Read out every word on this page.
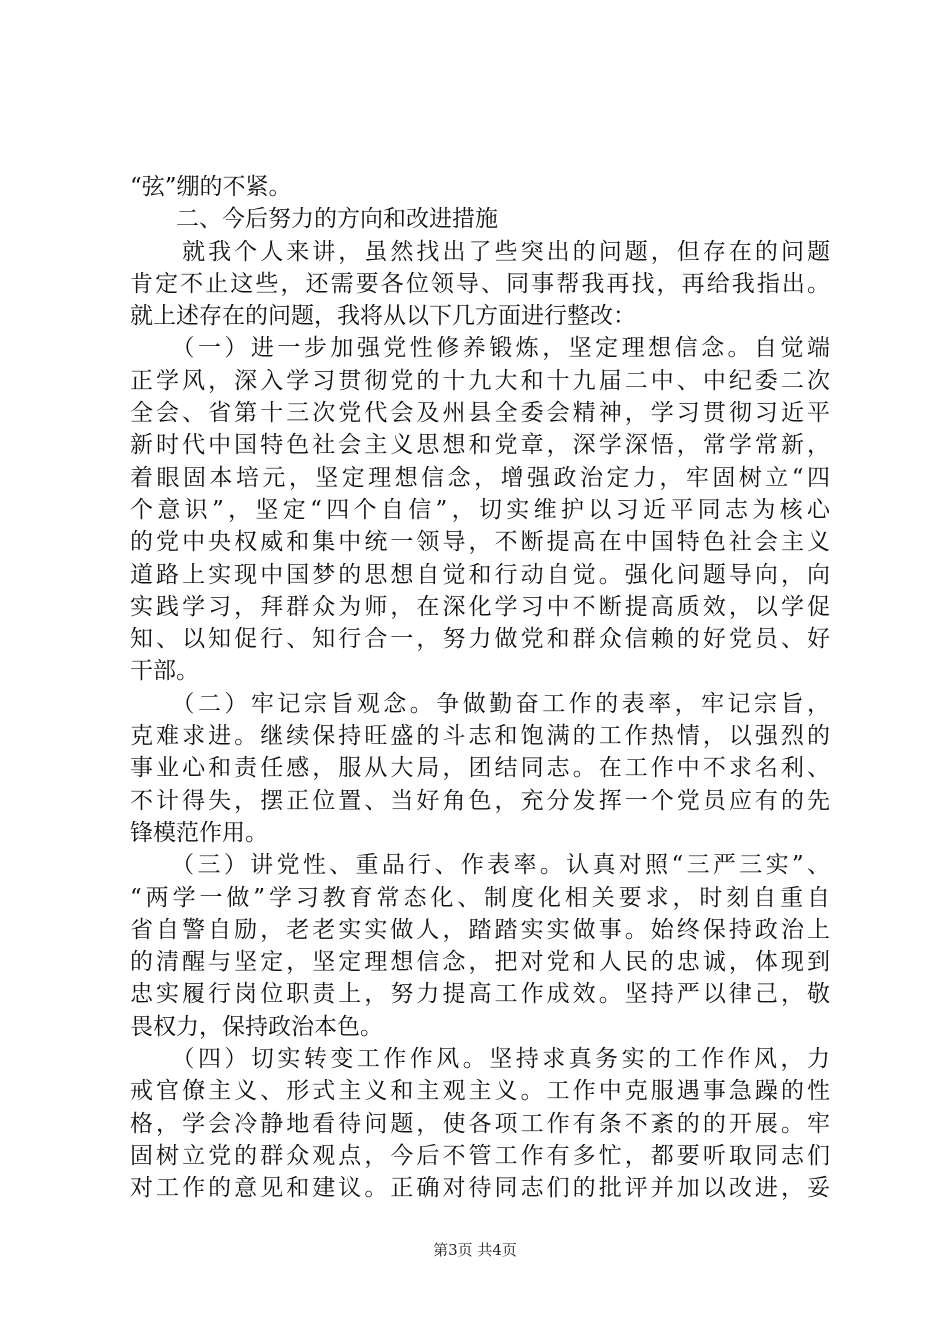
“弦”绷的不紧。
　　二、今后努力的方向和改进措施
　　就我个人来讲，虽然找出了些突出的问题，但存在的问题
肯定不止这些，还需要各位领导、同事帮我再找，再给我指出。
就上述存在的问题，我将从以下几方面进行整改：
　　（一）进一步加强党性修养锻炼，坚定理想信念。自觉端
正学风，深入学习贯彻党的十九大和十九届二中、中纪委二次
全会、省第十三次党代会及州县全委会精神，学习贯彻习近平
新时代中国特色社会主义思想和党章，深学深悟，常学常新，
着眼固本培元，坚定理想信念，增强政治定力，牢固树立“四
个意识”，坚定“四个自信”，切实维护以习近平同志为核心
的党中央权威和集中统一领导，不断提高在中国特色社会主义
道路上实现中国梦的思想自觉和行动自觉。强化问题导向，向
实践学习，拜群众为师，在深化学习中不断提高质效，以学促
知、以知促行、知行合一，努力做党和群众信赖的好党员、好
干部。
　　（二）牢记宗旨观念。争做勤奋工作的表率，牢记宗旨，
克难求进。继续保持旺盛的斗志和饱满的工作热情，以强烈的
事业心和责任感，服从大局，团结同志。在工作中不求名利、
不计得失，摆正位置、当好角色，充分发挥一个党员应有的先
锋模范作用。
　　（三）讲党性、重品行、作表率。认真对照“三严三实”、
“两学一做”学习教育常态化、制度化相关要求，时刻自重自
省自警自励，老老实实做人，踏踏实实做事。始终保持政治上
的清醒与坚定，坚定理想信念，把对党和人民的忠诚，体现到
忠实履行岗位职责上，努力提高工作成效。坚持严以律己，敬
畏权力，保持政治本色。
　　（四）切实转变工作作风。坚持求真务实的工作作风，力
戒官僚主义、形式主义和主观主义。工作中克服遇事急躁的性
格，学会冷静地看待问题，使各项工作有条不紊的的开展。牢
固树立党的群众观点，今后不管工作有多忙，都要听取同志们
对工作的意见和建议。正确对待同志们的批评并加以改进，妥
第3页 共4页
